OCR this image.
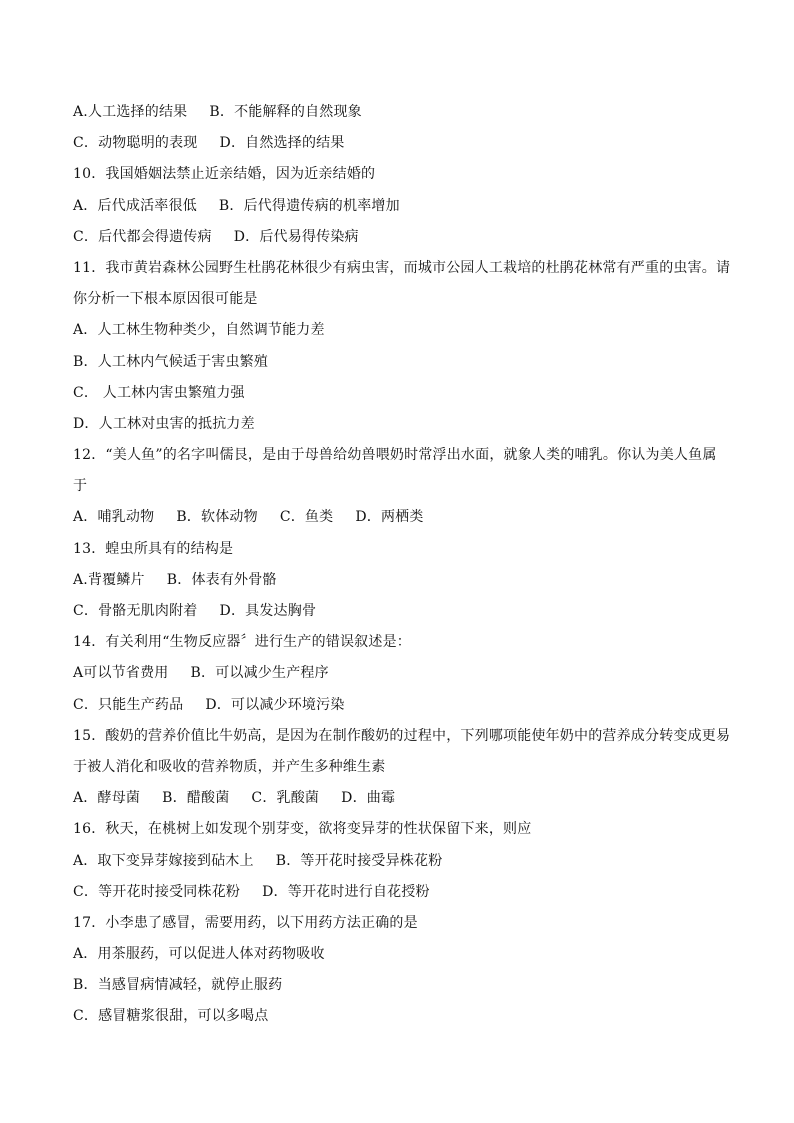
A.人工选择的结果 B．不能解释的自然现象
C．动物聪明的表现 D．自然选择的结果
10．我国婚姻法禁止近亲结婚，因为近亲结婚的
A．后代成活率很低 B．后代得遗传病的机率增加
C．后代都会得遗传病 D．后代易得传染病
11．我市黄岩森林公园野生杜鹃花林很少有病虫害，而城市公园人工栽培的杜鹃花林常有严重的虫害。请
你分析一下根本原因很可能是
A．人工林生物种类少，自然调节能力差
B．人工林内气候适于害虫繁殖
C． 人工林内害虫繁殖力强
D．人工林对虫害的抵抗力差
12．“美人鱼”的名字叫儒艮，是由于母兽给幼兽喂奶时常浮出水面，就象人类的哺乳。你认为美人鱼属
于
A．哺乳动物 B．软体动物 C．鱼类 D．两栖类
13．蝗虫所具有的结构是
A.背覆鳞片 B．体表有外骨骼
C．骨骼无肌肉附着 D．具发达胸骨
14．有关利用“生物反应器〞进行生产的错误叙述是：
A可以节省费用 B．可以减少生产程序
C．只能生产药品 D．可以减少环境污染
15．酸奶的营养价值比牛奶高，是因为在制作酸奶的过程中，下列哪项能使年奶中的营养成分转变成更易
于被人消化和吸收的营养物质，并产生多种维生素
A．酵母菌 B．醋酸菌 C．乳酸菌 D．曲霉
16．秋天，在桃树上如发现个别芽变，欲将变异芽的性状保留下来，则应
A．取下变异芽嫁接到砧木上 B．等开花时接受异株花粉
C．等开花时接受同株花粉 D．等开花时进行自花授粉
17．小李患了感冒，需要用药，以下用药方法正确的是
A．用茶服药，可以促进人体对药物吸收
B．当感冒病情减轻，就停止服药
C．感冒糖浆很甜，可以多喝点
